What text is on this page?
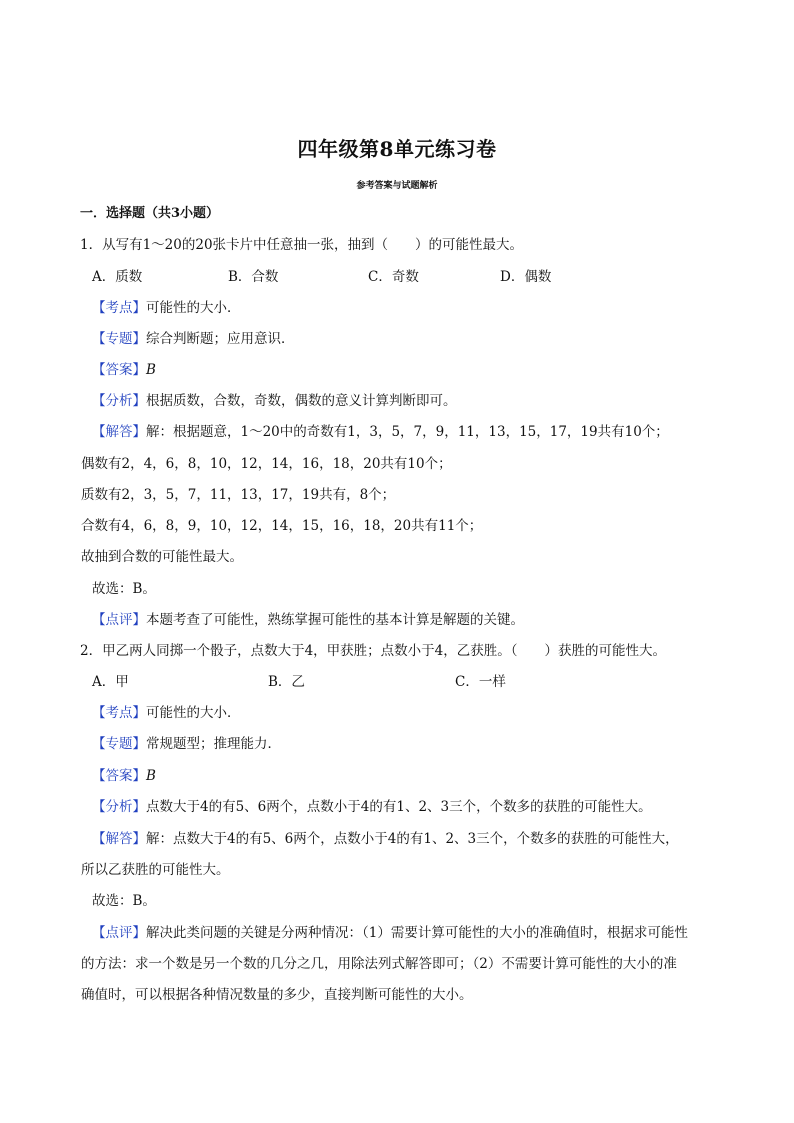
四年级第8单元练习卷
参考答案与试题解析
一．选择题（共3小题）
1．从写有1～20的20张卡片中任意抽一张，抽到（　　）的可能性最大。
A．质数	B．合数	C．奇数	D．偶数
【考点】可能性的大小．
【专题】综合判断题；应用意识．
【答案】B
【分析】根据质数，合数，奇数，偶数的意义计算判断即可。
【解答】解：根据题意，1～20中的奇数有1，3，5，7，9，11，13，15，17，19共有10个；
偶数有2，4，6，8，10，12，14，16，18，20共有10个；
质数有2，3，5，7，11，13，17，19共有，8个；
合数有4，6，8，9，10，12，14，15，16，18，20共有11个；
故抽到合数的可能性最大。
故选：B。
【点评】本题考查了可能性，熟练掌握可能性的基本计算是解题的关键。
2．甲乙两人同掷一个骰子，点数大于4，甲获胜；点数小于4，乙获胜。（　　）获胜的可能性大。
A．甲	B．乙	C．一样
【考点】可能性的大小．
【专题】常规题型；推理能力．
【答案】B
【分析】点数大于4的有5、6两个，点数小于4的有1、2、3三个，个数多的获胜的可能性大。
【解答】解：点数大于4的有5、6两个，点数小于4的有1、2、3三个，个数多的获胜的可能性大，
所以乙获胜的可能性大。
故选：B。
【点评】解决此类问题的关键是分两种情况：（1）需要计算可能性的大小的准确值时，根据求可能性
的方法：求一个数是另一个数的几分之几，用除法列式解答即可；（2）不需要计算可能性的大小的准
确值时，可以根据各种情况数量的多少，直接判断可能性的大小。
